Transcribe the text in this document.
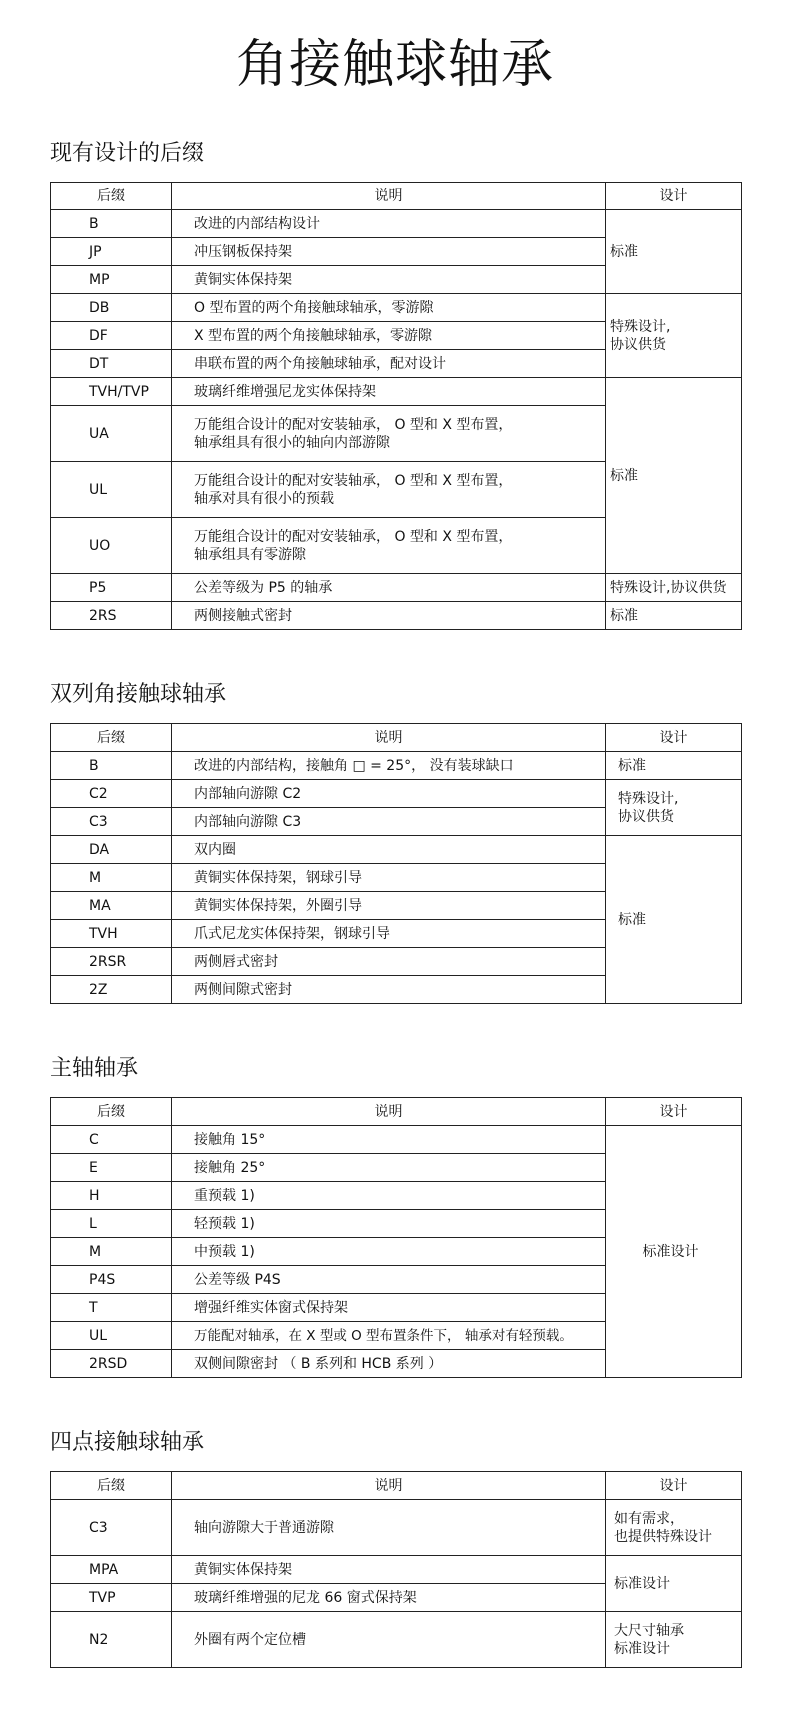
角接触球轴承
现有设计的后缀
后缀	说明	设计
B	改进的内部结构设计	标准
JP	冲压钢板保持架	
MP	黄铜实体保持架	
DB	O 型布置的两个角接触球轴承，零游隙	特殊设计,
协议供货

DF	X 型布置的两个角接触球轴承，零游隙	
DT	串联布置的两个角接触球轴承，配对设计	
TVH/TVP	玻璃纤维增强尼龙实体保持架	标准
UA	万能组合设计的配对安装轴承， O 型和 X 型布置，
轴承组具有很小的轴向内部游隙	

UL	万能组合设计的配对安装轴承， O 型和 X 型布置，
轴承对具有很小的预载	

UO	万能组合设计的配对安装轴承， O 型和 X 型布置，
轴承组具有零游隙	

P5	公差等级为 P5 的轴承	特殊设计,协议供货
2RS	两侧接触式密封	标准
双列角接触球轴承
后缀	说明	设计
B	改进的内部结构，接触角 □ = 25°， 没有装球缺口	标准
C2	内部轴向游隙 C2	特殊设计,
协议供货

C3	内部轴向游隙 C3	
DA	双内圈	标准
M	黄铜实体保持架，钢球引导	
MA	黄铜实体保持架，外圈引导	
TVH	爪式尼龙实体保持架，钢球引导	
2RSR	两侧唇式密封	
2Z	两侧间隙式密封	
主轴轴承
后缀	说明	设计
C	接触角 15°	标准设计
E	接触角 25°	
H	重预载 1)	
L	轻预载 1)	
M	中预载 1)	
P4S	公差等级 P4S	
T	增强纤维实体窗式保持架	
UL	万能配对轴承，在 X 型或 O 型布置条件下， 轴承对有轻预载。	
2RSD	双侧间隙密封 （ B 系列和 HCB 系列 ）	
四点接触球轴承
后缀	说明	设计
C3	轴向游隙大于普通游隙	如有需求，
也提供特殊设计

MPA	黄铜实体保持架	标准设计
TVP	玻璃纤维增强的尼龙 66 窗式保持架	
N2	外圈有两个定位槽	大尺寸轴承
标准设计
